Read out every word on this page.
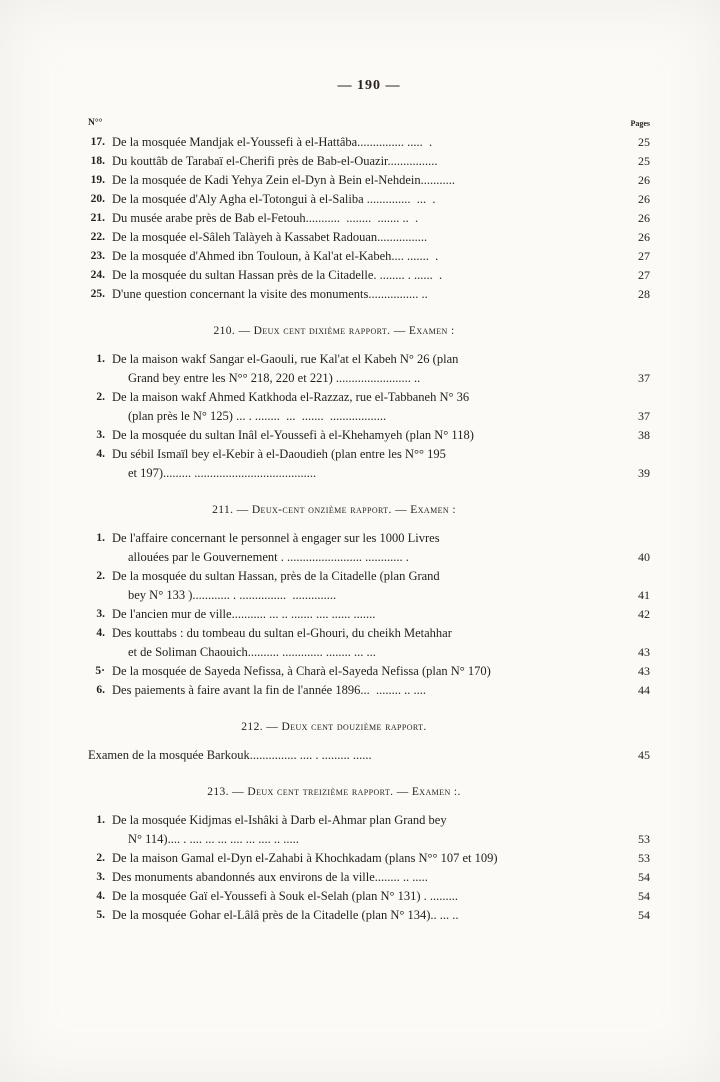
— 190 —
N°°	Pages
17. De la mosquée Mandjak el-Youssefi à el-Hattâba............... .....  .	25
18. Du kouttâb de Tarabaï el-Cherifi près de Bab-el-Ouazir................	25
19. De la mosquée de Kadi Yehya Zein el-Dyn à Bein el-Nehdein...........	26
20. De la mosquée d'Aly Agha el-Totongui à el-Saliba ..............  ...  .	26
21. Du musée arabe près de Bab el-Fetouh...........  ........  ....... ..  .	26
22. De la mosquée el-Sâleh Talàyeh à Kassabet Radouan................	26
23. De la mosquée d'Ahmed ibn Touloun, à Kal'at el-Kabeh.... .......  .	27
24. De la mosquée du sultan Hassan près de la Citadelle. ........ . ......  .	27
25. D'une question concernant la visite des monuments................ ..	28
210. — Deux cent dixième rapport. — Examen :
1. De la maison wakf Sangar el-Gaouli, rue Kal'at el Kabeh N° 26 (plan
Grand bey entre les N°° 218, 220 et 221) ........................ ..	37
2. De la maison wakf Ahmed Katkhoda el-Razzaz, rue el-Tabbaneh N° 36
(plan près le N° 125) ... . ........  ...  .......  ..................	37
3. De la mosquée du sultan Inâl el-Youssefi à el-Khehamyeh (plan N° 118)	38
4. Du sébil Ismaïl bey el-Kebir à el-Daoudieh (plan entre les N°° 195
et 197)......... .......................................	39
211. — Deux-cent onzième rapport. — Examen :
1. De l'affaire concernant le personnel à engager sur les 1000 Livres
allouées par le Gouvernement . ........................ ............ .	40
2. De la mosquée du sultan Hassan, près de la Citadelle (plan Grand
bey N° 133 )............ . ...............  ..............	41
3. De l'ancien mur de ville........... ... .. ....... .... ...... .......	42
4. Des kouttabs : du tombeau du sultan el-Ghouri, du cheikh Metahhar
et de Soliman Chaouich.......... ............. ........ ... ...	43
5· De la mosquée de Sayeda Nefissa, à Charà el-Sayeda Nefissa (plan N° 170)	43
6. Des paiements à faire avant la fin de l'année 1896...  ........ .. ....	44
212. — Deux cent douzième rapport.
Examen de la mosquée Barkouk............... .... . ......... ......	45
213. — Deux cent treizième rapport. — Examen :.
1. De la mosquée Kidjmas el-Ishâki à Darb el-Ahmar plan Grand bey
N° 114).... . .... ... ... .... ... .... .. .....	53
2. De la maison Gamal el-Dyn el-Zahabi à Khochkadam (plans N°° 107 et 109)	53
3. Des monuments abandonnés aux environs de la ville........ .. .....	54
4. De la mosquée Gaï el-Youssefi à Souk el-Selah (plan N° 131) . .........	54
5. De la mosquée Gohar el-Lâlâ près de la Citadelle (plan N° 134).. ... ..	54
